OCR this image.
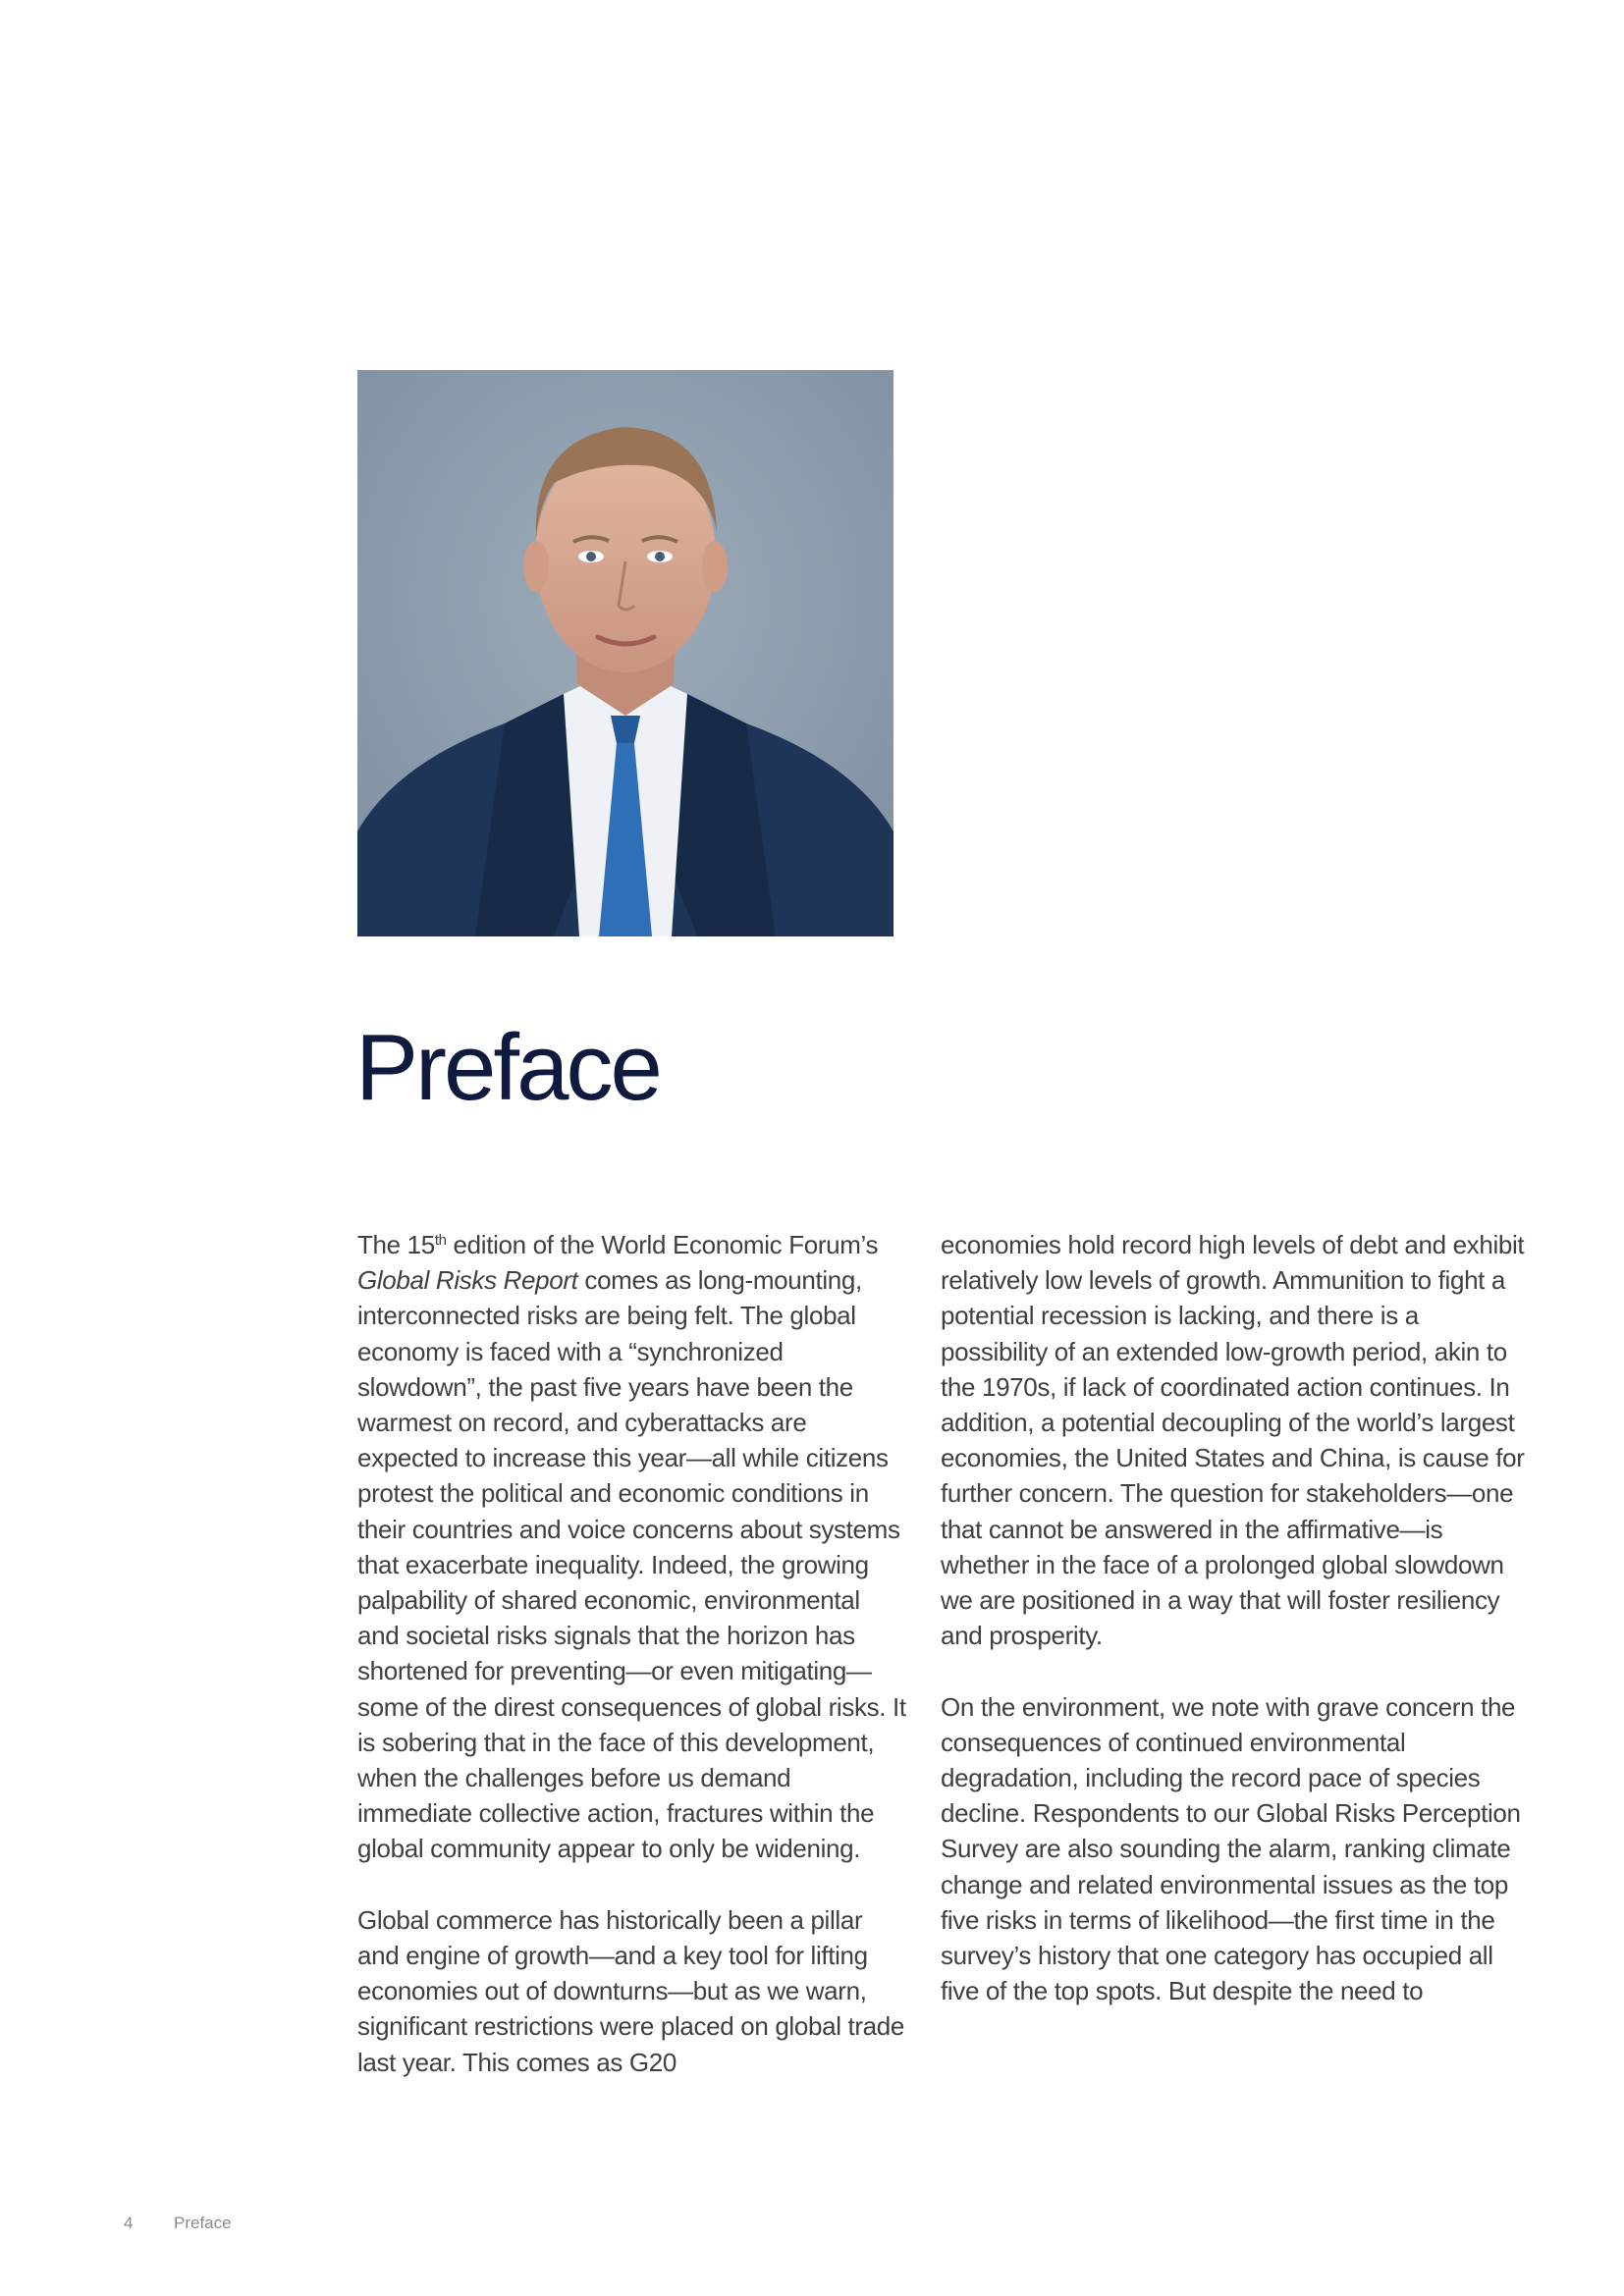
Preface

The 15th edition of the World Economic Forum’s Global Risks Report comes as long-mounting, interconnected risks are being felt. The global economy is faced with a “synchronized slowdown”, the past five years have been the warmest on record, and cyberattacks are expected to increase this year—all while citizens protest the political and economic conditions in their countries and voice concerns about systems that exacerbate inequality. Indeed, the growing palpability of shared economic, environmental and societal risks signals that the horizon has shortened for preventing—or even mitigating—some of the direst consequences of global risks. It is sobering that in the face of this development, when the challenges before us demand immediate collective action, fractures within the global community appear to only be widening.

Global commerce has historically been a pillar and engine of growth—and a key tool for lifting economies out of downturns—but as we warn, significant restrictions were placed on global trade last year. This comes as G20

economies hold record high levels of debt and exhibit relatively low levels of growth. Ammunition to fight a potential recession is lacking, and there is a possibility of an extended low-growth period, akin to the 1970s, if lack of coordinated action continues. In addition, a potential decoupling of the world’s largest economies, the United States and China, is cause for further concern. The question for stakeholders—one that cannot be answered in the affirmative—is whether in the face of a prolonged global slowdown we are positioned in a way that will foster resiliency and prosperity.

On the environment, we note with grave concern the consequences of continued environmental degradation, including the record pace of species decline. Respondents to our Global Risks Perception Survey are also sounding the alarm, ranking climate change and related environmental issues as the top five risks in terms of likelihood—the first time in the survey’s history that one category has occupied all five of the top spots. But despite the need to

4 Preface
